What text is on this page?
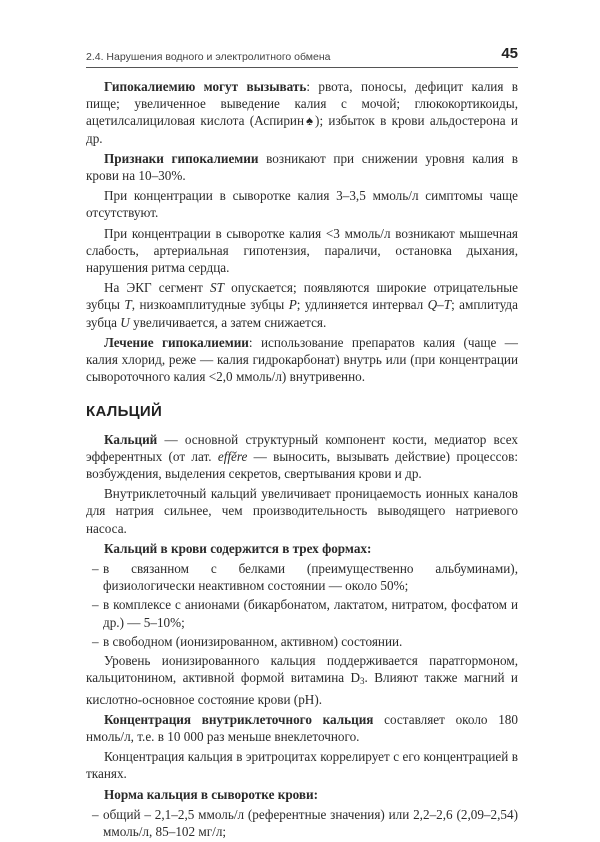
2.4. Нарушения водного и электролитного обмена	45

Гипокалиемию могут вызывать: рвота, поносы, дефицит калия в пище; увеличенное выведение калия с мочой; глюкокортикоиды, ацетилсалициловая кислота (Аспирин♠); избыток в крови альдостерона и др.

Признаки гипокалиемии возникают при снижении уровня калия в крови на 10–30%.

При концентрации в сыворотке калия 3–3,5 ммоль/л симптомы чаще отсутствуют.

При концентрации в сыворотке калия <3 ммоль/л возникают мышечная слабость, артериальная гипотензия, параличи, остановка дыхания, нарушения ритма сердца.

На ЭКГ сегмент ST опускается; появляются широкие отрицательные зубцы T, низкоамплитудные зубцы P; удлиняется интервал Q–T; амплитуда зубца U увеличивается, а затем снижается.

Лечение гипокалиемии: использование препаратов калия (чаще — калия хлорид, реже — калия гидрокарбонат) внутрь или (при концентрации сывороточного калия <2,0 ммоль/л) внутривенно.

КАЛЬЦИЙ

Кальций — основной структурный компонент кости, медиатор всех эфферентных (от лат. effěre — выносить, вызывать действие) процессов: возбуждения, выделения секретов, свертывания крови и др.

Внутриклеточный кальций увеличивает проницаемость ионных каналов для натрия сильнее, чем производительность выводящего натриевого насоса.

Кальций в крови содержится в трех формах:

– в связанном с белками (преимущественно альбуминами), физиологически неактивном состоянии — около 50%;
– в комплексе с анионами (бикарбонатом, лактатом, нитратом, фосфатом и др.) — 5–10%;
– в свободном (ионизированном, активном) состоянии.

Уровень ионизированного кальция поддерживается паратгормоном, кальцитонином, активной формой витамина $D_3$. Влияют также магний и кислотно-основное состояние крови (pH).

Концентрация внутриклеточного кальция составляет около 180 нмоль/л, т.е. в 10 000 раз меньше внеклеточного.

Концентрация кальция в эритроцитах коррелирует с его концентрацией в тканях.

Норма кальция в сыворотке крови:

– общий – 2,1–2,5 ммоль/л (референтные значения) или 2,2–2,6 (2,09–2,54) ммоль/л, 85–102 мг/л;
